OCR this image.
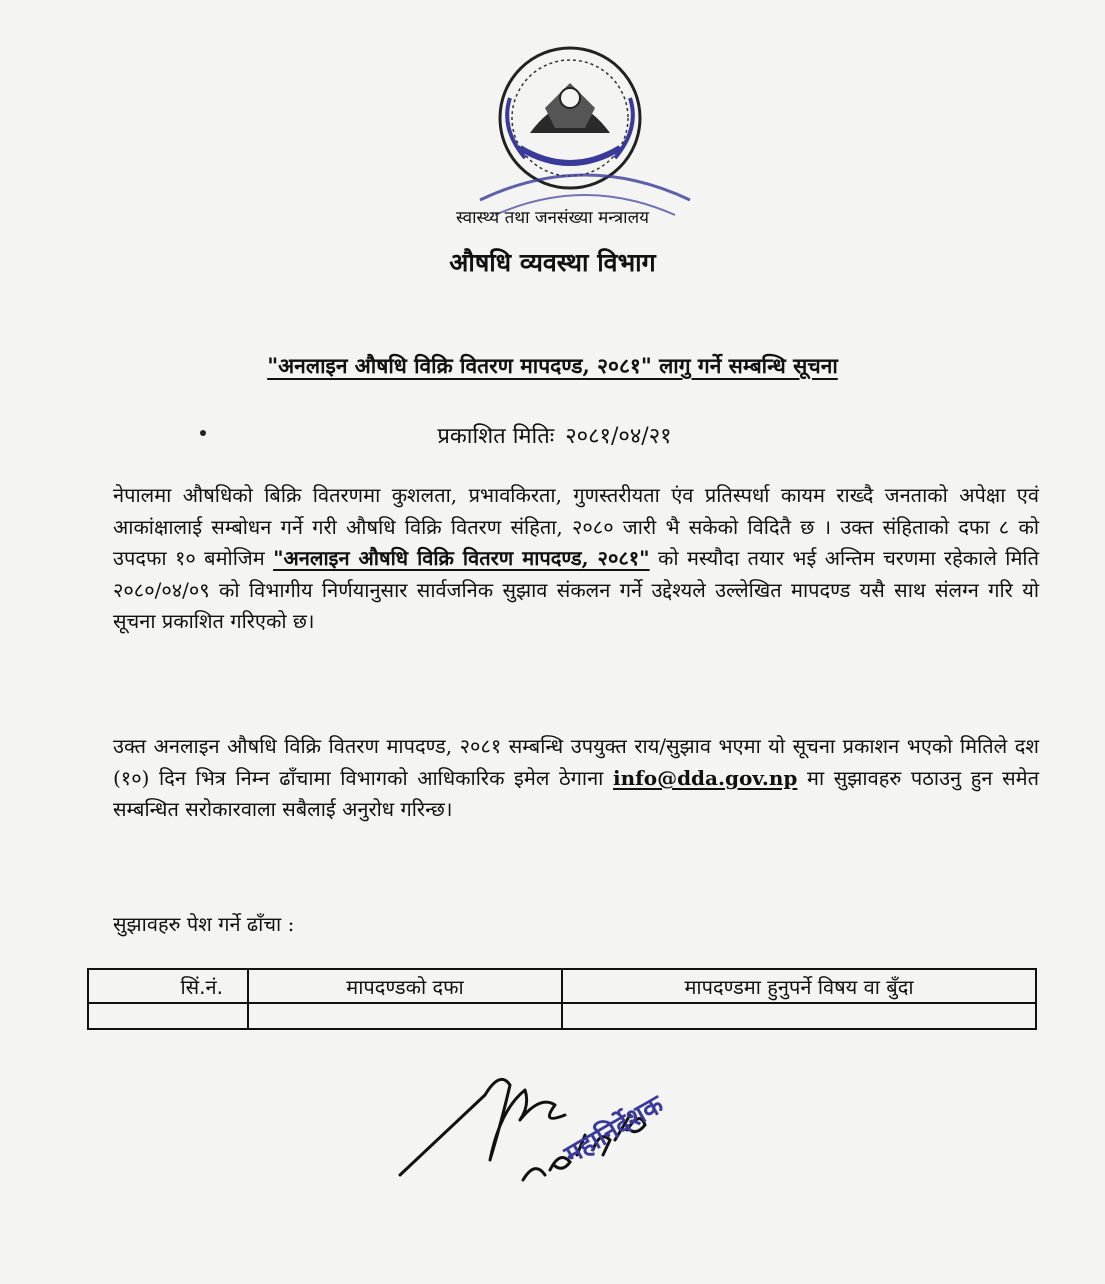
स्वास्थ्य तथा जनसंख्या मन्त्रालय
औषधि व्यवस्था विभाग
"अनलाइन औषधि विक्रि वितरण मापदण्ड, २०८१" लागु गर्ने सम्बन्धि सूचना
प्रकाशित मितिः २०८१/०४/२१
नेपालमा औषधिको बिक्रि वितरणमा कुशलता, प्रभावकिरता, गुणस्तरीयता एंव प्रतिस्पर्धा कायम राख्दै जनताको अपेक्षा एवं आकांक्षालाई सम्बोधन गर्ने गरी औषधि विक्रि वितरण संहिता, २०८० जारी भै सकेको विदितै छ । उक्त संहिताको दफा ८ को उपदफा १० बमोजिम "अनलाइन औषधि विक्रि वितरण मापदण्ड, २०८१" को मस्यौदा तयार भई अन्तिम चरणमा रहेकाले मिति २०८०/०४/०९ को विभागीय निर्णयानुसार सार्वजनिक सुझाव संकलन गर्ने उद्देश्यले उल्लेखित मापदण्ड यसै साथ संलग्न गरि यो सूचना प्रकाशित गरिएको छ।
उक्त अनलाइन औषधि विक्रि वितरण मापदण्ड, २०८१ सम्बन्धि उपयुक्त राय/सुझाव भएमा यो सूचना प्रकाशन भएको मितिले दश (१०) दिन भित्र निम्न ढाँचामा विभागको आधिकारिक इमेल ठेगाना info@dda.gov.np मा सुझावहरु पठाउनु हुन समेत सम्बन्धित सरोकारवाला सबैलाई अनुरोध गरिन्छ।
सुझावहरु पेश गर्ने ढाँचा :
सिं.नं.	मापदण्डको दफा	मापदण्डमा हुनुपर्ने विषय वा बुँदा

महानिर्देशक
